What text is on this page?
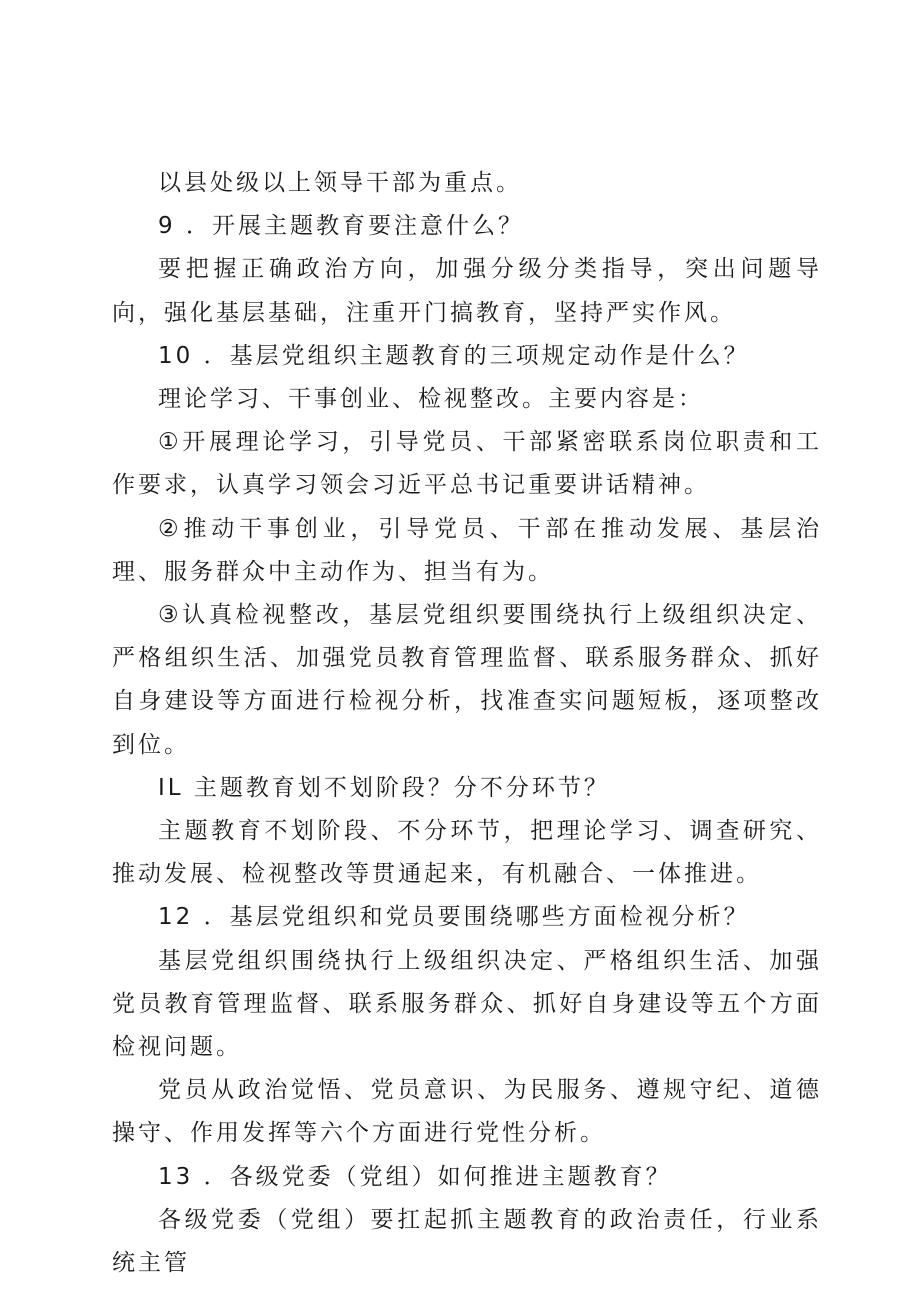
以县处级以上领导干部为重点。

9 ．开展主题教育要注意什么？

要把握正确政治方向，加强分级分类指导，突出问题导向，强化基层基础，注重开门搞教育，坚持严实作风。

10 ．基层党组织主题教育的三项规定动作是什么？

理论学习、干事创业、检视整改。主要内容是：

①开展理论学习，引导党员、干部紧密联系岗位职责和工作要求，认真学习领会习近平总书记重要讲话精神。

②推动干事创业，引导党员、干部在推动发展、基层治理、服务群众中主动作为、担当有为。

③认真检视整改，基层党组织要围绕执行上级组织决定、严格组织生活、加强党员教育管理监督、联系服务群众、抓好自身建设等方面进行检视分析，找准查实问题短板，逐项整改到位。

IL 主题教育划不划阶段？分不分环节？

主题教育不划阶段、不分环节，把理论学习、调查研究、推动发展、检视整改等贯通起来，有机融合、一体推进。

12 ．基层党组织和党员要围绕哪些方面检视分析？

基层党组织围绕执行上级组织决定、严格组织生活、加强党员教育管理监督、联系服务群众、抓好自身建设等五个方面检视问题。

党员从政治觉悟、党员意识、为民服务、遵规守纪、道德操守、作用发挥等六个方面进行党性分析。

13 ．各级党委（党组）如何推进主题教育？

各级党委（党组）要扛起抓主题教育的政治责任，行业系统主管
